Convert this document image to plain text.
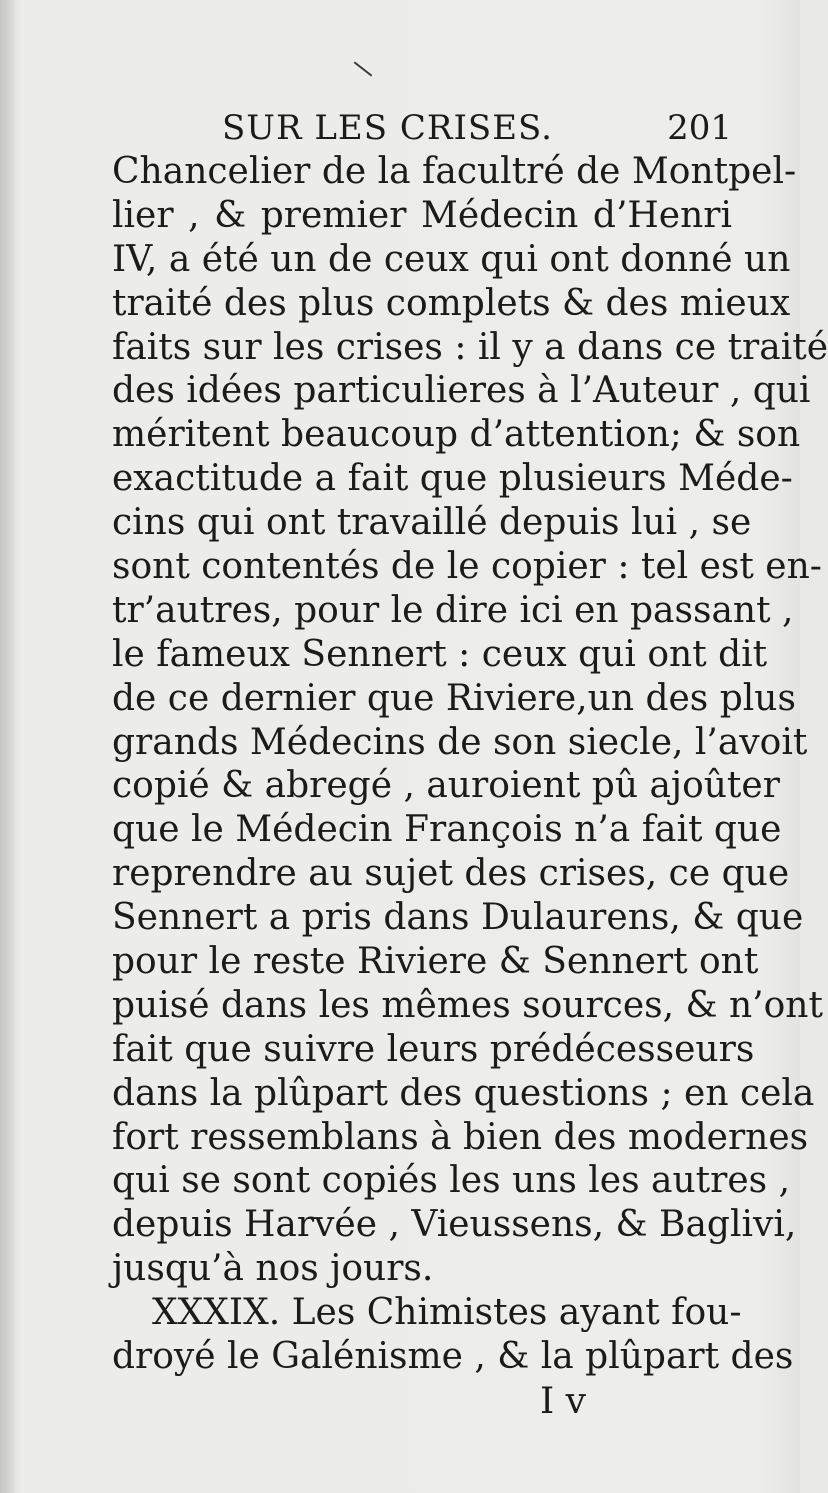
SUR LES CRISES.	201
Chancelier de la facultré de Montpel-
lier , & premier Médecin d’Henri
IV, a été un de ceux qui ont donné un
traité des plus complets & des mieux
faits sur les crises : il y a dans ce traité
des idées particulieres à l’Auteur , qui
méritent beaucoup d’attention; & son
exactitude a fait que plusieurs Méde-
cins qui ont travaillé depuis lui , se
sont contentés de le copier : tel est en-
tr’autres, pour le dire ici en passant ,
le fameux Sennert : ceux qui ont dit
de ce dernier que Riviere,un des plus
grands Médecins de son siecle, l’avoit
copié & abregé , auroient pû ajoûter
que le Médecin François n’a fait que
reprendre au sujet des crises, ce que
Sennert a pris dans Dulaurens, & que
pour le reste Riviere & Sennert ont
puisé dans les mêmes sources, & n’ont
fait que suivre leurs prédécesseurs
dans la plûpart des questions ; en cela
fort ressemblans à bien des modernes
qui se sont copiés les uns les autres ,
depuis Harvée , Vieussens, & Baglivi,
jusqu’à nos jours.
XXXIX. Les Chimistes ayant fou-
droyé le Galénisme , & la plûpart des
I v
